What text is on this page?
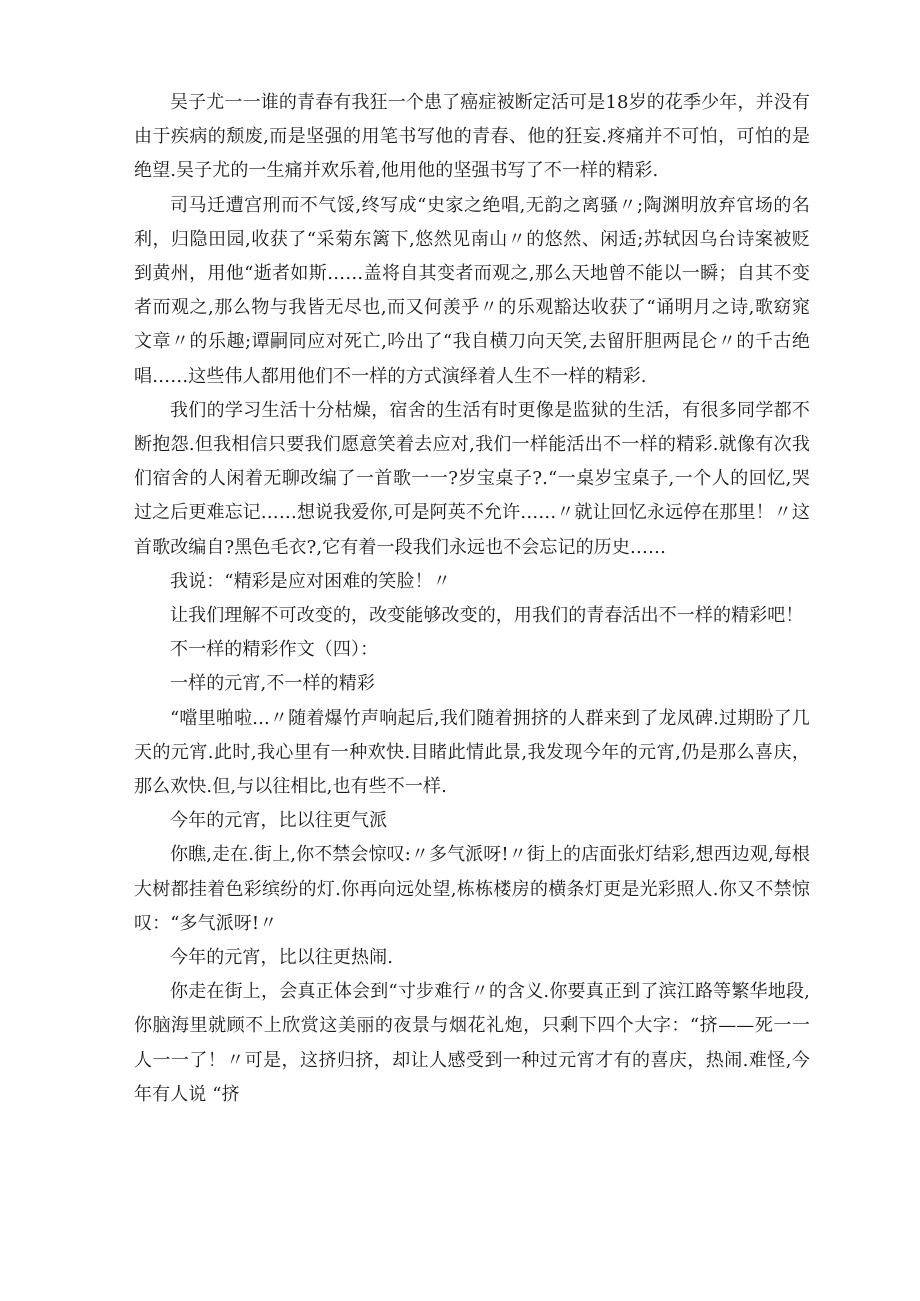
吴子尤一一谁的青春有我狂一个患了癌症被断定活可是18岁的花季少年，并没有由于疾病的颓废,而是坚强的用笔书写他的青春、他的狂妄.疼痛并不可怕，可怕的是绝望.吴子尤的一生痛并欢乐着,他用他的坚强书写了不一样的精彩.

司马迁遭宫刑而不气馁,终写成“史家之绝唱,无韵之离骚〃;陶渊明放弃官场的名利，归隐田园,收获了“采菊东篱下,悠然见南山〃的悠然、闲适;苏轼因乌台诗案被贬到黄州，用他“逝者如斯……盖将自其变者而观之,那么天地曾不能以一瞬；自其不变者而观之,那么物与我皆无尽也,而又何羡乎〃的乐观豁达收获了“诵明月之诗,歌窈窕文章〃的乐趣;谭嗣同应对死亡,吟出了“我自横刀向天笑,去留肝胆两昆仑〃的千古绝唱……这些伟人都用他们不一样的方式演绎着人生不一样的精彩.

我们的学习生活十分枯燥，宿舍的生活有时更像是监狱的生活，有很多同学都不断抱怨.但我相信只要我们愿意笑着去应对,我们一样能活出不一样的精彩.就像有次我们宿舍的人闲着无聊改编了一首歌一一?岁宝桌子?.“一桌岁宝桌子,一个人的回忆,哭过之后更难忘记……想说我爱你,可是阿英不允许……〃就让回忆永远停在那里！〃这首歌改编自?黑色毛衣?,它有着一段我们永远也不会忘记的历史……

我说：“精彩是应对困难的笑脸！〃

让我们理解不可改变的，改变能够改变的，用我们的青春活出不一样的精彩吧！

不一样的精彩作文（四）：

一样的元宵,不一样的精彩

“噹里啪啦...〃随着爆竹声响起后,我们随着拥挤的人群来到了龙凤碑.过期盼了几天的元宵.此时,我心里有一种欢快.目睹此情此景,我发现今年的元宵,仍是那么喜庆，那么欢快.但,与以往相比,也有些不一样.

今年的元宵，比以往更气派

你瞧,走在.街上,你不禁会惊叹:〃多气派呀!〃街上的店面张灯结彩,想西边观,每根大树都挂着色彩缤纷的灯.你再向远处望,栋栋楼房的横条灯更是光彩照人.你又不禁惊叹：“多气派呀!〃

今年的元宵，比以往更热闹.

你走在街上，会真正体会到“寸步难行〃的含义.你要真正到了滨江路等繁华地段,你脑海里就顾不上欣赏这美丽的夜景与烟花礼炮，只剩下四个大字：“挤——死一一人一一了！〃可是，这挤归挤，却让人感受到一种过元宵才有的喜庆，热闹.难怪,今年有人说 “挤
